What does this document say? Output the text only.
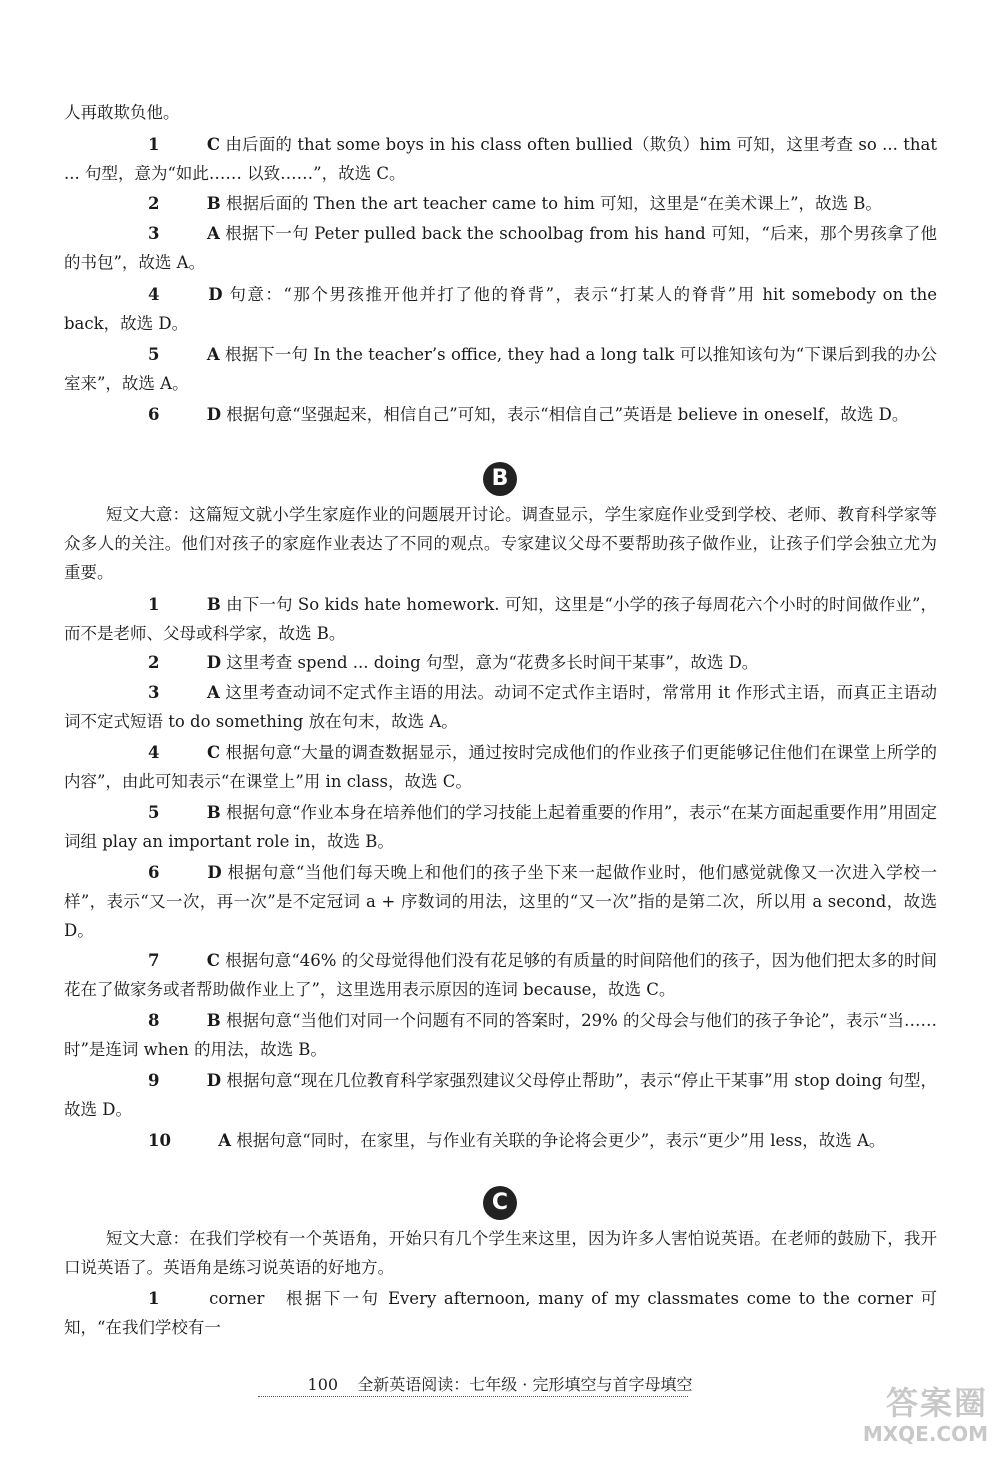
人再敢欺负他。
1	C 由后面的 that some boys in his class often bullied（欺负）him 可知，这里考查 so ... that ... 句型，意为“如此…… 以致……”，故选 C。
2	B 根据后面的 Then the art teacher came to him 可知，这里是“在美术课上”，故选 B。
3	A 根据下一句 Peter pulled back the schoolbag from his hand 可知，“后来，那个男孩拿了他的书包”，故选 A。
4	D 句意：“那个男孩推开他并打了他的脊背”，表示“打某人的脊背”用 hit somebody on the back，故选 D。
5	A 根据下一句 In the teacher’s office, they had a long talk 可以推知该句为“下课后到我的办公室来”，故选 A。
6	D 根据句意“坚强起来，相信自己”可知，表示“相信自己”英语是 believe in oneself，故选 D。
B
短文大意：这篇短文就小学生家庭作业的问题展开讨论。调查显示，学生家庭作业受到学校、老师、教育科学家等众多人的关注。他们对孩子的家庭作业表达了不同的观点。专家建议父母不要帮助孩子做作业，让孩子们学会独立尤为重要。
1	B 由下一句 So kids hate homework. 可知，这里是“小学的孩子每周花六个小时的时间做作业”，而不是老师、父母或科学家，故选 B。
2	D 这里考查 spend ... doing 句型，意为“花费多长时间干某事”，故选 D。
3	A 这里考查动词不定式作主语的用法。动词不定式作主语时，常常用 it 作形式主语，而真正主语动词不定式短语 to do something 放在句末，故选 A。
4	C 根据句意“大量的调查数据显示，通过按时完成他们的作业孩子们更能够记住他们在课堂上所学的内容”，由此可知表示“在课堂上”用 in class，故选 C。
5	B 根据句意“作业本身在培养他们的学习技能上起着重要的作用”，表示“在某方面起重要作用”用固定词组 play an important role in，故选 B。
6	D 根据句意“当他们每天晚上和他们的孩子坐下来一起做作业时，他们感觉就像又一次进入学校一样”，表示“又一次，再一次”是不定冠词 a + 序数词的用法，这里的“又一次”指的是第二次，所以用 a second，故选 D。
7	C 根据句意“46% 的父母觉得他们没有花足够的有质量的时间陪他们的孩子，因为他们把太多的时间花在了做家务或者帮助做作业上了”，这里选用表示原因的连词 because，故选 C。
8	B 根据句意“当他们对同一个问题有不同的答案时，29% 的父母会与他们的孩子争论”，表示“当……时”是连词 when 的用法，故选 B。
9	D 根据句意“现在几位教育科学家强烈建议父母停止帮助”，表示“停止干某事”用 stop doing 句型，故选 D。
10	A 根据句意“同时，在家里，与作业有关联的争论将会更少”，表示“更少”用 less，故选 A。
C
短文大意：在我们学校有一个英语角，开始只有几个学生来这里，因为许多人害怕说英语。在老师的鼓励下，我开口说英语了。英语角是练习说英语的好地方。
1	corner 根据下一句 Every afternoon, many of my classmates come to the corner 可知，“在我们学校有一
100 全新英语阅读：七年级 · 完形填空与首字母填空	答案圈
MXQE.COM
